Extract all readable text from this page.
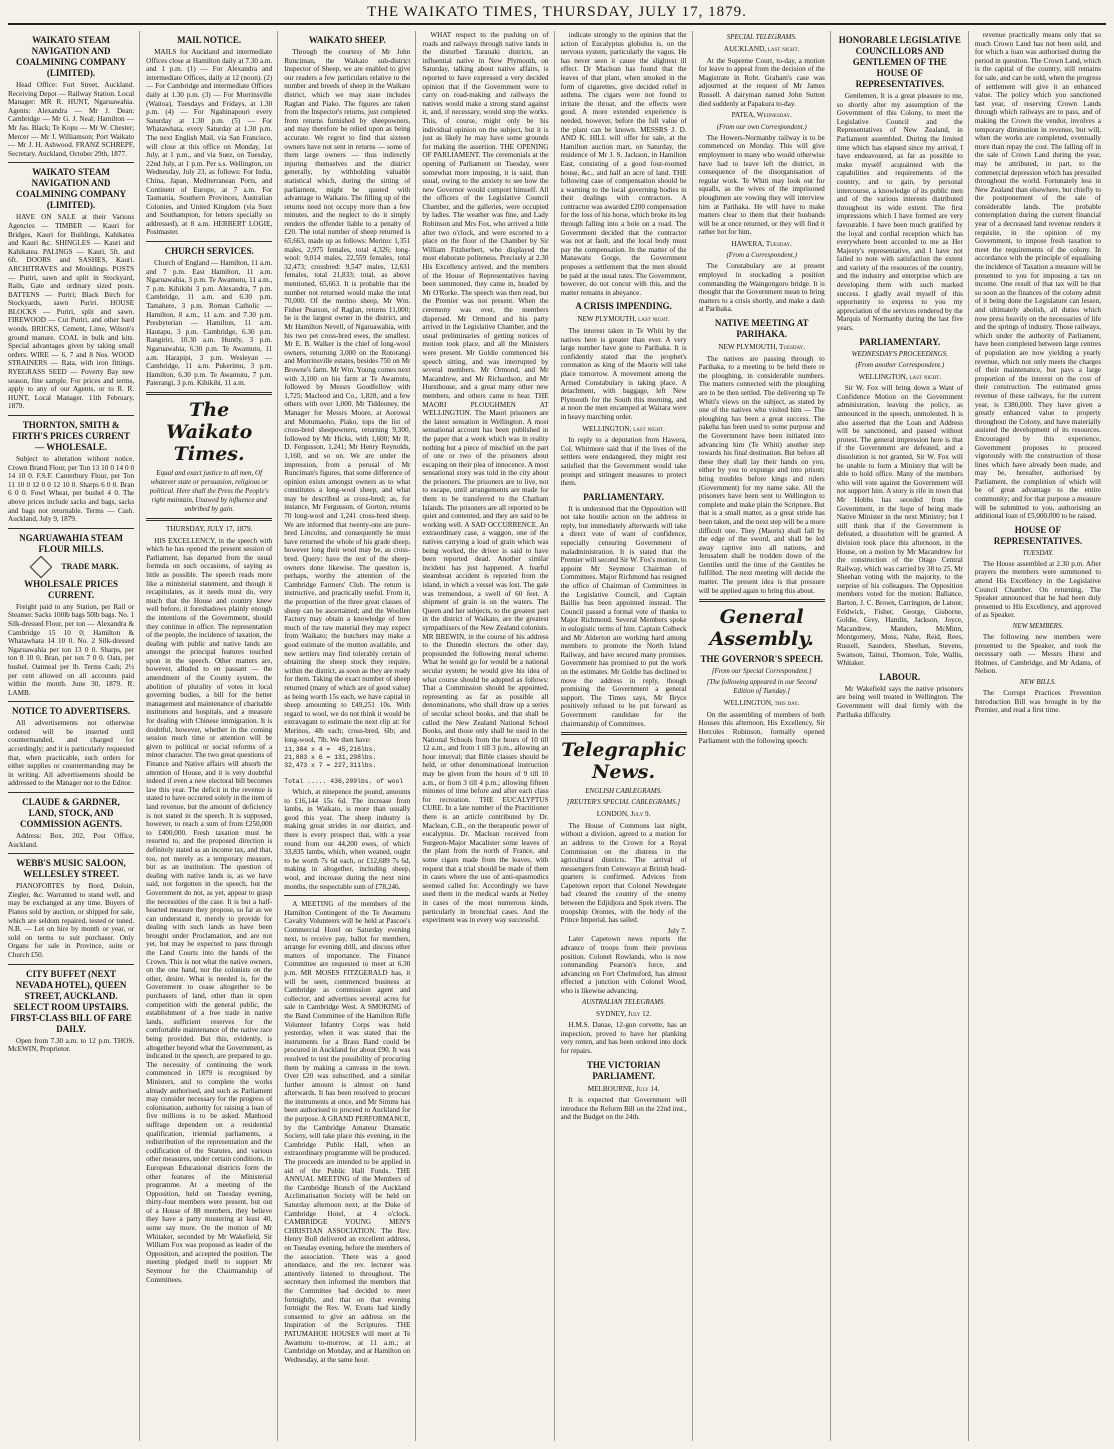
THE WAIKATO TIMES, THURSDAY, JULY 17, 1879.
WAIKATO STEAM NAVIGATION AND COALMINING COMPANY (LIMITED).

Head Office: Fort Street, Auckland. Receiving Depot — Railway Station. Local Manager: MR R. HUNT, Ngaruawahia. Agents: Alexandra — Mr J. Dean; Cambridge — Mr G. J. Neal; Hamilton — Mr Jas. Black; Te Kopu — Mr W. Chester; Mercer — Mr J. Williamson; Port Waikato — Mr J. H. Ashwood. FRANZ SCHREPF, Secretary. Auckland, October 29th, 1877.

WAIKATO STEAM NAVIGATION AND COALMINING COMPANY (LIMITED).

HAVE ON SALE at their Various Agencies — TIMBER — Kauri for Bridges, Kauri for Buildings, Kahikatea and Kauri &c. SHINGLES — Kauri and Kahikatea. PALINGS — Kauri, 5ft. and 6ft. DOORS and SASHES, Kauri. ARCHITRAVES and Mouldings. POSTS — Puriri, sawn and split in Stockyard, Rails, Gate and ordinary sized posts. BATTENS — Puriri; Black Birch for Stockyards, sawn Puriri. HOUSE BLOCKS — Puriri, split and sawn. FIREWOOD — Cut Puriri, and other hard woods. BRICKS, Cement, Lime, Wilson's ground manure. COAL in bulk and kits. Special advantages given by taking small orders. WIRE — 6, 7 and 8 Nos. WOOD STRAINERS — Rata, with iron fittings. RYEGRASS SEED — Poverty Bay new season, fine sample. For prices and terms, apply to any of our Agents, or to R. R. HUNT, Local Manager. 11th February, 1879.

THORNTON, SMITH & FIRTH'S PRICES CURRENT — WHOLESALE.

Subject to alteration without notice. Crown Brand Flour, per Ton 13 10 0 14 0 0 14 10 0. F.S.F. Canterbury Flour, per Ton 11 10 0 12 0 0 12 10 0. Sharps 6 0 0. Bran 6 0 0. Fowl Wheat, per bushel 4 0. The above prices include sacks and bags, sacks and bags not returnable. Terms — Cash. Auckland, July 9, 1879.

NGARUAWAHIA STEAM FLOUR MILLS.
TRADE MARK.
WHOLESALE PRICES CURRENT.

Freight paid to any Station, per Rail or Steamer. Sacks 100lb bags 50lb bags. No. 1 Silk-dressed Flour, per ton — Alexandra & Cambridge 15 10 0; Hamilton & Whatawhata 14 10 0. No. 2 Silk-dressed Ngaruawahia per ton 13 0 0. Sharps, per ton 8 10 0. Bran, per ton 7 0 0. Oats, per bushel. Oatmeal per lb. Terms Cash; 2½ per cent allowed on all accounts paid within the month. June 30, 1879. R. LAMB.

NOTICE TO ADVERTISERS.

All advertisements not otherwise ordered will be inserted until countermanded, and charged for accordingly; and it is particularly requested that, when practicable, such orders for either supplies or countermanding may be in writing. All advertisements should be addressed to the Manager not to the Editor.

CLAUDE & GARDNER, LAND, STOCK, AND COMMISSION AGENTS.

Address: Box, 202, Post Office, Auckland.

WEBB'S MUSIC SALOON, WELLESLEY STREET.

PIANOFORTES by Bord, Dolsin, Ziegler, &c. Warranted to stand well, and may be exchanged at any time. Buyers of Pianos sold by auction, or shipped for sale, which are seldom repaired, tested or tuned. N.B. — Let on hire by month or year, or sold on terms to suit purchaser. Only Organs for sale in Province, suite or Church £50.

CITY BUFFET (NEXT NEVADA HOTEL), QUEEN STREET, AUCKLAND. SELECT ROOM UPSTAIRS. FIRST-CLASS BILL OF FARE DAILY.

Open from 7.30 a.m. to 12 p.m. THOS. McEWIN, Proprietor.

MAIL NOTICE.

MAILS for Auckland and intermediate Offices close at Hamilton daily at 7.30 a.m. and 1 p.m. (1) — For Alexandra and intermediate Offices, daily at 12 (noon). (2) — For Cambridge and intermediate Offices daily at 1.30 p.m. (3) — For Morrinsville (Waitoa), Tuesdays and Fridays, at 1.30 p.m. (4) — For Ngahinapouri every Saturday at 1.30 p.m. (5) — For Whatawhata, every Saturday at 1.30 p.m. The next English Mail, via San Francisco, will close at this office on Monday, 1st July, at 1 p.m., and via Suez, on Tuesday, 22nd July, at 1 p.m. Per s.s. Wellington, on Wednesday, July 23, as follows: For India, China, Japan, Mediterranean Ports, and Continent of Europe, at 7 a.m. For Tasmania, Southern Provinces, Australian Colonies, and United Kingdom (via Suez and Southampton, for letters specially so addressed), at 8 a.m. HERBERT LOGIE, Postmaster.

CHURCH SERVICES.

Church of England — Hamilton, 11 a.m. and 7 p.m. East Hamilton, 11 a.m. Ngaruawahia, 3 p.m. Te Awamutu, 11 a.m., 7 p.m. Kihikihi 3 p.m. Alexandra, 7 p.m. Cambridge, 11 a.m. and 6.30 p.m. Tamahere, 3 p.m. Roman Catholic — Hamilton, 8 a.m., 11 a.m. and 7.30 p.m. Presbyterian — Hamilton, 11 a.m. Hautapu, 3 p.m. Cambridge, 6.30 p.m. Rangiriri, 10.30 a.m. Huntly, 3 p.m. Ngaruawahia, 6.30 p.m. Te Awamutu, 11 a.m. Harapipi, 3 p.m. Wesleyan — Cambridge, 11 a.m. Pukerimu, 3 p.m. Hamilton, 6.30 p.m. Te Awamutu, 7 p.m. Paterangi, 3 p.m. Kihikihi, 11 a.m.

The Waikato Times.
Equal and exact justice to all men, Of whatever state or persuasion, religious or political. Here shall the Press the People's right maintain, Unawed by influence and unbribed by gain.
THURSDAY, JULY 17, 1879.

HIS EXCELLENCY, in the speech with which he has opened the present session of Parliament, has departed from the usual formula on such occasions, of saying as little as possible. The speech reads more like a ministerial statement, and though it recapitulates, as it needs must do, very much that the House and country knew well before, it foreshadows plainly enough the intentions of the Government, should they continue in office. The representation of the people, the incidence of taxation, the dealing with public and native lands are amongst the principal features touched upon in the speech. Other matters are, however, alluded to en passant — the amendment of the County system, the abolition of plurality of votes in local governing bodies, a bill for the better management and maintenance of charitable institutions and hospitals, and a measure for dealing with Chinese immigration. It is doubtful, however, whether in the coming session much time or attention will be given to political or social reforms of a minor character. The two great questions of Finance and Native affairs will absorb the attention of House, and it is very doubtful indeed if even a new electoral bill becomes law this year. The deficit in the revenue is stated to have occurred solely in the item of land revenue, but the amount of deficiency is not stated in the speech. It is supposed, however, to reach a sum of from £250,000 to £400,000. Fresh taxation must be resorted to, and the proposed direction is definitely stated as an income tax, and that, too, not merely as a temporary measure, but as an institution. The question of dealing with native lands is, as we have said, not forgotten in the speech, but the Government do not, as yet, appear to grasp the necessities of the case. It is but a half-hearted measure they propose, so far as we can understand it, merely to provide for dealing with such lands as have been brought under Proclamation, and are not yet, but may be expected to pass through the Land Courts into the hands of the Crown. This is not what the native owners, on the one hand, nor the colonists on the other, desire. What is needed is, for the Government to cease altogether to be purchasers of land, other than in open competition with the general public, the establishment of a free trade in native lands, sufficient reserves for the comfortable maintenance of the native race being provided. But this, evidently, is altogether beyond what the Government, as indicated in the speech, are prepared to go. The necessity of continuing the work commenced in 1879 is recognised by Ministers, and to complete the works already authorised, and such as Parliament may consider necessary for the progress of colonisation, authority for raising a loan of five millions is to be asked. Manhood suffrage dependent on a residential qualification, triennial parliaments, a redistribution of the representation and the codification of the Statutes, and various other measures, under certain conditions, in European Educational districts form the other features of the Ministerial programme. At a meeting of the Opposition, held on Tuesday evening, thirty-four members were present, but out of a House of 88 members, they believe they have a party mustering at least 40, some say more. On the motion of Mr Whitaker, seconded by Mr Wakefield, Sir William Fox was proposed as leader of the Opposition, and accepted the position. The meeting pledged itself to support Mr Seymour for the Chairmanship of Committees.

WAIKATO SHEEP.

Through the courtesy of Mr John Runciman, the Waikato sub-district Inspector of Sheep, we are enabled to give our readers a few particulars relative to the number and breeds of sheep in the Waikato district, which we may state includes Raglan and Piako. The figures are taken from the Inspector's returns, just completed from returns furnished by sheepowners, and may therefore be relied upon as being accurate. We regret to find that sixteen owners have not sent in returns — some of them large owners — thus indirectly injuring themselves and the district generally, by withholding valuable statistical which, during the sitting of parliament, might be quoted with advantage to Waikato. The filling up of the returns need not occupy more than a few minutes, and the neglect to do it simply renders the offender liable to a penalty of £20. The total number of sheep returned is 65,663, made up as follows: Merino: 1,351 males, 2,975 females, total 4,326; long-wool: 9,014 males, 22,559 females, total 32,473; crossbred: 9,547 males, 12,631 females, total 21,833; total, as above mentioned, 65,663. It is probable that the number not returned would make the total 70,000. Of the merino sheep, Mr Wm. Fisher Pearson, of Raglan, returns 11,000; he is the largest owner in the district, and Mr Hamilton Nevell, of Ngaruawahia, with his two pet cross-bred ewes, the smallest. Mr E. B. Walker is the chief of long-wool owners, returning 3,000 on the Rotorangi and Morrinsville estates, besides 750 on Mr Browne's farm. Mr Wm. Young comes next with 3,100 on his farm at Te Awamutu, followed by Messrs Goodfellow with 1,725; Macleod and Co., 1,828, and a few others with over 1,000. Mr Tiddeoney, the Manager for Messrs Moore, at Aorowai and Motumaoho, Piako, tops the list of cross-bred sheepowners, returning 9,300, followed by Mr Hicks, with 1,600; Mr R. D. Fergusson, 1,241; Mr Henry Reynolds, 1,160, and so on. We are under the impression, from a perusal of Mr Runciman's figures, that some difference of opinion exists amongst owners as to what constitutes a long-wool sheep, and what may be described as cross-bred; as, for instance, Mr Fergusson, of Gorton, returns 70 long-wool and 1,241 cross-bred sheep. We are informed that twenty-one are pure-bred Lincolns, and consequently he must have returned the whole of his grade sheep, however long their wool may be, as cross-bred. Query: have the rest of the sheep-owners done likewise. The question is, perhaps, worthy the attention of the Cambridge Farmers' Club. The return is instructive, and practically useful. From it, the proportion of the three great classes of sheep can be ascertained; and the Woollen Factory may obtain a knowledge of how much of the raw material they may expect from Waikato; the butchers may make a good estimate of the mutton available, and new settlers may find tolerably certain of obtaining the sheep stock they require, within the district, as soon as they are ready for them. Taking the exact number of sheep returned (many of which are of good value) as being worth 15s each, we have capital in sheep amounting to £49,251 10s. With regard to wool, we do not think it would be extravagant to estimate the next clip at: for Merinos, 4lb each; cross-bred, 6lb; and long-wool, 7lb. We then have:

11,304 x 4 =  45,216lbs.
21,883 x 6 = 131,298lbs.
32,473 x 7 = 227,311lbs.

Total ..... 436,209lbs. of wool

Which, at ninepence the pound, amounts to £16,144 15s 6d. The increase from lambs, in Waikato, is more than usually good this year. The sheep industry is making great strides in our district, and there is every prospect that, with a year round from our 44,200 ewes, of which 33,835 lambs, which, when weaned, ought to be worth 7s 6d each, or £12,689 7s 6d, making in altogether, including sheep, wool, and increase during the next nine months, the respectable sum of £78,246.

A MEETING of the members of the Hamilton Contingent of the Te Awamutu Cavalry Volunteers will be held at Pascoe's Commercial Hotel on Saturday evening next, to receive pay, ballot for members, arrange for evening drill, and discuss other matters of importance. The Finance Committee are requested to meet at 6.30 p.m. MR MOSES FITZGERALD has, it will be seen, commenced business at Cambridge as commission agent and collector, and advertises several acres for sale in Cambridge West. A SMOKING of the Band Committee of the Hamilton Rifle Volunteer Infantry Corps was held yesterday, when it was stated that the instruments for a Brass Band could be procured in Auckland for about £90. It was resolved to test the possibility of procuring them by making a canvass in the town. Over £20 was subscribed, and a similar further amount is almost on hand afterwards. It has been resolved to procure the instruments at once, and Mr Simms has been authorised to proceed to Auckland for the purpose. A GRAND PERFORMANCE, by the Cambridge Amateur Dramatic Society, will take place this evening, in the Cambridge Public Hall, when an extraordinary programme will be produced. The proceeds are intended to be applied in aid of the Public Hall Funds. THE ANNUAL MEETING of the Members of the Cambridge Branch of the Auckland Acclimatisation Society will be held on Saturday afternoon next, at the Duke of Cambridge Hotel, at 4 o'clock. CAMBRIDGE YOUNG MEN'S CHRISTIAN ASSOCIATION. The Rev. Henry Bull delivered an excellent address, on Tuesday evening, before the members of the association. There was a good attendance, and the rev. lecturer was attentively listened to throughout. The secretary then informed the members that the Committee had decided to meet fortnightly, and that on that evening fortnight the Rev. W. Evans had kindly consented to give an address on the Inspiration of the Scriptures. THE PATUMAHOE HOUSES will meet at Te Awamutu to-morrow, at 11 a.m.; at Cambridge on Monday, and at Hamilton on Wednesday, at the same hour.

WHAT respect to the pushing on of roads and railways through native lands in the disturbed Taranaki districts, an influential native in New Plymouth, on Saturday, talking about native affairs, is reported to have expressed a very decided opinion that if the Government were to carry on road-making and railways the natives would make a strong stand against it, and, if necessary, would stop the works. This, of course, might only be his individual opinion on the subject, but it is just as likely he may have some grounds for making the assertion. THE OPENING OF PARLIAMENT. The ceremonials at the opening of Parliament on Tuesday, were somewhat more imposing, it is said, than usual, owing to the anxiety to see how the new Governor would comport himself. All the officers of the Legislative Council Chamber, and the galleries, were occupied by ladies. The weather was fine, and Lady Robinson and Mrs Fox, who arrived a little after two o'clock, and were escorted to a place on the floor of the Chamber by Sir William Fitzherbert, who displayed the most elaborate politeness. Precisely at 2.30 His Excellency arrived, and the members of the House of Representatives having been summoned, they came in, headed by Mr O'Rorke. The speech was then read, but the Premier was not present. When the ceremony was over, the members dispersed. Mr Ormond and his party arrived in the Legislative Chamber, and the usual preliminaries of getting notices of motion took place, and all the Ministers were present. Mr Goldie commenced his speech sitting, and was interrupted by several members. Mr Ormond, and Mr Macandrew, and Mr Richardson, and Mr Hursthouse, and a great many other new members, and others came to hear. THE MAORI PLOUGHMEN AT WELLINGTON. The Maori prisoners are the latest sensation in Wellington. A most sensational account has been published in the paper that a week which was in reality nothing but a piece of mischief on the part of one or two of the prisoners about escaping on their plea of innocence. A most sensational story was told in the city about the prisoners. The prisoners are to live, not to escape, until arrangements are made for them to be transferred to the Chatham Islands. The prisoners are all reported to be quiet and contented, and they are said to be working well. A SAD OCCURRENCE. An extraordinary case, a waggon, one of the natives carrying a load of grain which was being worked, the driver is said to have been reported dead. Another similar incident has just happened. A fearful steamboat accident is reported from the island, in which a vessel was lost. The gale was tremendous, a swell of 60 feet. A shipment of grain is on the waters. The Queen and her subjects, to the greatest part in the district of Waikato, are the greatest sympathisers of the New Zealand colonists. MR BREWIN, in the course of his address to the Dunedin electors the other day, propounded the following moral scheme: What he would go for would be a national secular system; he would give his idea of what course should be adopted as follows: That a Commission should be appointed, representing as far as possible all denominations, who shall draw up a series of secular school books, and that shall be called the New Zealand National School Books, and those only shall be used in the National Schools from the hours of 10 till 12 a.m., and from 1 till 3 p.m., allowing an hour interval; that Bible classes should be held, or other denominational instruction may be given from the hours of 9 till 10 a.m., or from 3 till 4 p.m.; allowing fifteen minutes of time before and after each class for recreation. THE EUCALYPTUS CURE. In a late number of the Practitioner there is an article contributed by Dr. Maclean, C.B., on the therapeutic power of eucalyptus. Dr. Maclean received from Surgeon-Major Macalister some leaves of the plant from the north of France, and some cigars made from the leaves, with request that a trial should be made of them in cases where the use of anti-spasmodics seemed called for. Accordingly we have used them in the medical wards at Netley in cases of the most numerous kinds, particularly in bronchial cases. And the experiment was in every way successful.

indicate strongly to the opinion that the action of Eucalyptus globulus is, on the nervous system, particularly the vagus. He has never seen it cause the slightest ill effect. Dr Maclean has found that the leaves of that plant, when smoked in the form of cigarettes, give decided relief in asthma. The cigars were not found to irritate the throat, and the effects were good. A more extended experience is needed, however, before the full value of the plant can be known. MESSRS J. D. AND K. HILL will offer for sale, at the Hamilton auction mart, on Saturday, the residence of Mr J. S. Jackson, in Hamilton East, consisting of a good four-roomed house, &c., and half an acre of land. THE following case of compensation should be a warning to the local governing bodies in their dealings with contractors. A contractor was awarded £200 compensation for the loss of his horse, which broke its leg through falling into a hole on a road. The Government decided that the contractor was not at fault, and the local body must pay the compensation. In the matter of the Manawatu Gorge, the Government proposes a settlement that the men should be paid at the usual rates. The Government, however, do not concur with this, and the matter remains in abeyance.

A CRISIS IMPENDING.
NEW PLYMOUTH, last night.

The interest taken in Te Whiti by the natives here is greater than ever. A very large number have gone to Parihaka. It is confidently stated that the prophet's coronation as king of the Maoris will take place tomorrow. A movement among the Armed Constabulary is taking place. A detachment, with baggage, left New Plymouth for the South this morning, and at noon the men encamped at Waitara were in heavy marching order.

WELLINGTON, last night.

In reply to a deputation from Hawera, Col. Whitmore said that if the lives of the settlers were endangered, they might rest satisfied that the Government would take prompt and stringent measures to protect them.

PARLIAMENTARY.

It is understood that the Opposition will not take hostile action on the address in reply, but immediately afterwards will take a direct vote of want of confidence, especially censuring Government of maladministration. It is stated that the Premier will second Sir W. Fox's motion, to appoint Mr Seymour Chairman of Committees. Major Richmond has resigned the office of Chairman of Committees in the Legislative Council, and Captain Baillie has been appointed instead. The Council passed a formal vote of thanks to Major Richmond. Several Members spoke in eulogistic terms of him. Captain Colbeck and Mr Alderton are working hard among members to promote the North Island Railway, and have secured many promises. Government has promised to put the work on the estimates. Mr Goldie has declined to move the address in reply, though promising the Government a general support. The Times says, Mr Bryce positively refused to be put forward as Government candidate for the chairmanship of Committees.

Telegraphic News.
ENGLISH CABLEGRAMS.
[REUTER'S SPECIAL CABLEGRAMS.]
LONDON, July 9.

The House of Commons last night, without a division, agreed to a motion for an address to the Crown for a Royal Commission on the distress in the agricultural districts. The arrival of messengers from Cetewayo at British head-quarters is confirmed. Advices from Capetown report that Colonel Newdegate had cleared the country of the enemy between the Edjidjora and Spek rivers. The troopship Orontes, with the body of the Prince Imperial, has sailed.

July 7.

Later Capetown news reports the advance of troops from their previous position. Colonel Rowlands, who is now commanding Pearson's force, and advancing on Fort Chelmsford, has almost effected a junction with Colonel Wood, who is likewise advancing.

AUSTRALIAN TELEGRAMS.
SYDNEY, July 12.

H.M.S. Danae, 12-gun corvette, has an inspection, proved to have her planking very rotten, and has been ordered into dock for repairs.

THE VICTORIAN PARLIAMENT.
MELBOURNE, July 14.

It is expected that Government will introduce the Reform Bill on the 22nd inst., and the Budget on the 24th.

SPECIAL TELEGRAMS.
AUCKLAND, last night.

At the Supreme Court, to-day, a motion for leave to appeal from the decision of the Magistrate in Robt. Graham's case was adjourned at the request of Mr James Russell. A dairyman named John Sutton died suddenly at Papakura to-day.

PATEA, Wednesday.
(From our own Correspondent.)

The Howers-Normanby railway is to be commenced on Monday. This will give employment to many who would otherwise have had to leave left the district, in consequence of the disorganisation of regular work. Te Whiti may look out for squalls, as the wives of the imprisoned ploughmen are vowing they will interview him at Parihaka. He will have to make matters clear to them that their husbands will be at once returned, or they will find it rather hot for him.

HAWERA, Tuesday.
(From a Correspondent.)

The Constabulary are at present employed in stockading a position commanding the Waingongoro bridge. It is thought that the Government mean to bring matters to a crisis shortly, and make a dash at Parihaka.

NATIVE MEETING AT PARIHAKA.
NEW PLYMOUTH, Tuesday.

The natives are passing through to Parihaka, to a meeting to be held there re the ploughing, in considerable numbers. The matters connected with the ploughing are to be then settled. The delivering up Te Whiti's views on the subject, as stated by one of the natives who visited him — The ploughing has been a great success. The pakeha has been used to some purpose and the Government have been initiated into advancing him (Te Whiti) another step towards his final destination. But before all these they shall lay their hands on you, either by you to expunge and into prison; bring troubles before kings and rulers (Government) for my name sake. All the prisoners have been sent to Wellington to complete and make plain the Scripture. But that is a small matter, as a great stride has been taken, and the next step will be a more difficult one. They (Maoris) shall fall by the edge of the sword, and shall be led away captive into all nations, and Jerusalem shall be trodden down of the Gentiles until the time of the Gentiles be fulfilled. The next meeting will decide the matter. The present idea is that pressure will be applied again to bring this about.

General Assembly.
THE GOVERNOR'S SPEECH.
[From our Special Correspondent.]
[The following appeared in our Second Edition of Tuesday.]
WELLINGTON, this day.

On the assembling of members of both Houses this afternoon, His Excellency, Sir Hercules Robinson, formally opened Parliament with the following speech:

HONORABLE LEGISLATIVE COUNCILLORS AND GENTLEMEN OF THE HOUSE OF REPRESENTATIVES.

Gentlemen, It is a great pleasure to me, so shortly after my assumption of the Government of this Colony, to meet the Legislative Council and the Representatives of New Zealand, in Parliament assembled. During the limited time which has elapsed since my arrival, I have endeavoured, as far as possible to make myself acquainted with the capabilities and requirements of the country, and to gain, by personal intercourse, a knowledge of its public men and of the various interests distributed throughout its wide extent. The first impressions which I have formed are very favourable. I have been much gratified by the loyal and cordial reception which has everywhere been accorded to me as Her Majesty's representative, and I have not failed to note with satisfaction the extent and variety of the resources of the country, and the industry and enterprise which are developing them with such marked success. I gladly avail myself of this opportunity to express to you my appreciation of the services rendered by the Marquis of Normanby during the last five years.

PARLIAMENTARY.
WEDNESDAY'S PROCEEDINGS.
(From another Correspondent.)
WELLINGTON, last night.

Sir W. Fox will bring down a Want of Confidence Motion on the Government administration, leaving the policy, as announced in the speech, unmolested. It is also asserted that the Loan and Address will be sanctioned, and passed without protest. The general impression here is that if the Government are defeated, and a dissolution is not granted, Sir W. Fox will be unable to form a Ministry that will be able to hold office. Many of the members who will vote against the Government will not support him. A story is rife in town that Mr Hobbs has seceded from the Government, in the hope of being made Native Minister in the next Ministry; but I still think that if the Government is defeated, a dissolution will be granted. A division took place this afternoon, in the House, on a motion by Mr Macandrew for the construction of the Otago Central Railway, which was carried by 38 to 25, Mr Sheehan voting with the majority, to the surprise of his colleagues. The Opposition members voted for the motion: Ballance, Barton, J. C. Brown, Carrington, de Latour, Feldwick, Fisher, George, Gisborne, Goldie, Grey, Hamlin, Jackson, Joyce, Macandrew, Manders, McMinn, Montgomery, Moss, Nahe, Reid, Rees, Russell, Saunders, Sheehan, Stevens, Swanson, Tainui, Thomson, Tole, Wallis, Whitaker.

LABOUR.

Mr Wakefield says the native prisoners are being well treated in Wellington. The Government will deal firmly with the Parihaka difficulty.

revenue practically means only that so much Crown Land has not been sold, and for which a loan was authorised during the period in question. The Crown Land, which is the capital of the country, still remains for sale, and can be sold, when the progress of settlement will give it an enhanced value. The policy which you sanctioned last year, of reserving Crown Lands through which railways are to pass, and of making the Crown the vendor, involves a temporary diminution in revenue, but will, when the works are completed, eventually more than repay the cost. The falling off in the sale of Crown Land during the year, may be attributed, in part, to the commercial depression which has prevailed throughout the world. Fortunately less in New Zealand than elsewhere, but chiefly to the postponement of the sale of considerable lands. The probable contemplation during the current financial year of a decreased land revenue renders it requisite, in the opinion of my Government, to impose fresh taxation to meet the requirements of the colony. In accordance with the principle of equalising the incidence of Taxation a measure will be presented to you for imposing a tax on income. One result of that tax will be that so soon as the finances of the colony admit of it being done the Legislature can lessen, and ultimately abolish, all duties which now press heavily on the necessaries of life and the springs of industry. Those railways, which under the authority of Parliament, have been completed between large centres of population are now yielding a yearly revenue, which not only meets the charges of their maintenance, but pays a large proportion of the interest on the cost of their construction. The estimated gross revenue of these railways, for the current year, is £380,000. They have given a greatly enhanced value to property throughout the Colony, and have materially assisted the development of its resources. Encouraged by this experience, Government proposes to proceed vigorously with the construction of those lines which have already been made, and may be, hereafter, authorised by Parliament, the completion of which will be of great advantage to the entire community; and for that purpose a measure will be submitted to you, authorising an additional loan of £5,000,000 to be raised.

HOUSE OF REPRESENTATIVES.
TUESDAY.

The House assembled at 2.30 p.m. After prayers the members were summoned to attend His Excellency in the Legislative Council Chamber. On returning, The Speaker announced that he had been duly presented to His Excellency, and approved of as Speaker.

NEW MEMBERS.

The following new members were presented to the Speaker, and took the necessary oath — Messrs Hurst and Holmes, of Cambridge, and Mr Adams, of Nelson.

NEW BILLS.

The Corrupt Practices Prevention Introduction Bill was brought in by the Premier, and read a first time.
